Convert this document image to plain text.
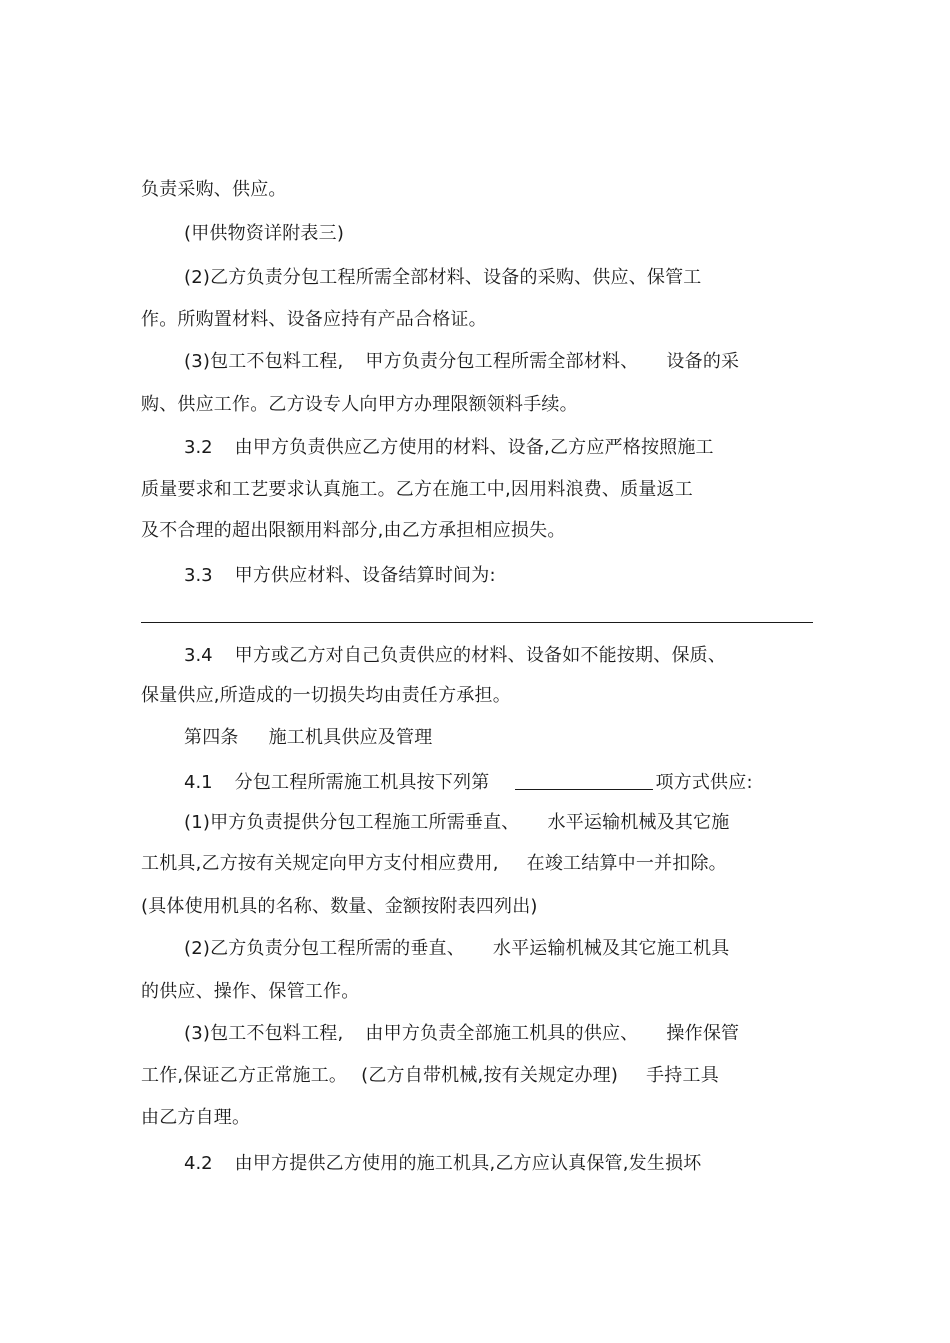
负责采购、供应。
(甲供物资详附表三)
(2)乙方负责分包工程所需全部材料、设备的采购、供应、保管工
作。所购置材料、设备应持有产品合格证。
(3)包工不包料工程, 甲方负责分包工程所需全部材料、 设备的采
购、供应工作。乙方设专人向甲方办理限额领料手续。
3.2 由甲方负责供应乙方使用的材料、设备,乙方应严格按照施工
质量要求和工艺要求认真施工。乙方在施工中,因用料浪费、质量返工
及不合理的超出限额用料部分,由乙方承担相应损失。
3.3 甲方供应材料、设备结算时间为:
3.4 甲方或乙方对自己负责供应的材料、设备如不能按期、保质、
保量供应,所造成的一切损失均由责任方承担。
第四条 施工机具供应及管理
4.1 分包工程所需施工机具按下列第	项方式供应:
(1)甲方负责提供分包工程施工所需垂直、 水平运输机械及其它施
工机具,乙方按有关规定向甲方支付相应费用, 在竣工结算中一并扣除。
(具体使用机具的名称、数量、金额按附表四列出)
(2)乙方负责分包工程所需的垂直、 水平运输机械及其它施工机具
的供应、操作、保管工作。
(3)包工不包料工程, 由甲方负责全部施工机具的供应、 操作保管
工作,保证乙方正常施工。 (乙方自带机械,按有关规定办理) 手持工具
由乙方自理。
4.2 由甲方提供乙方使用的施工机具,乙方应认真保管,发生损坏
